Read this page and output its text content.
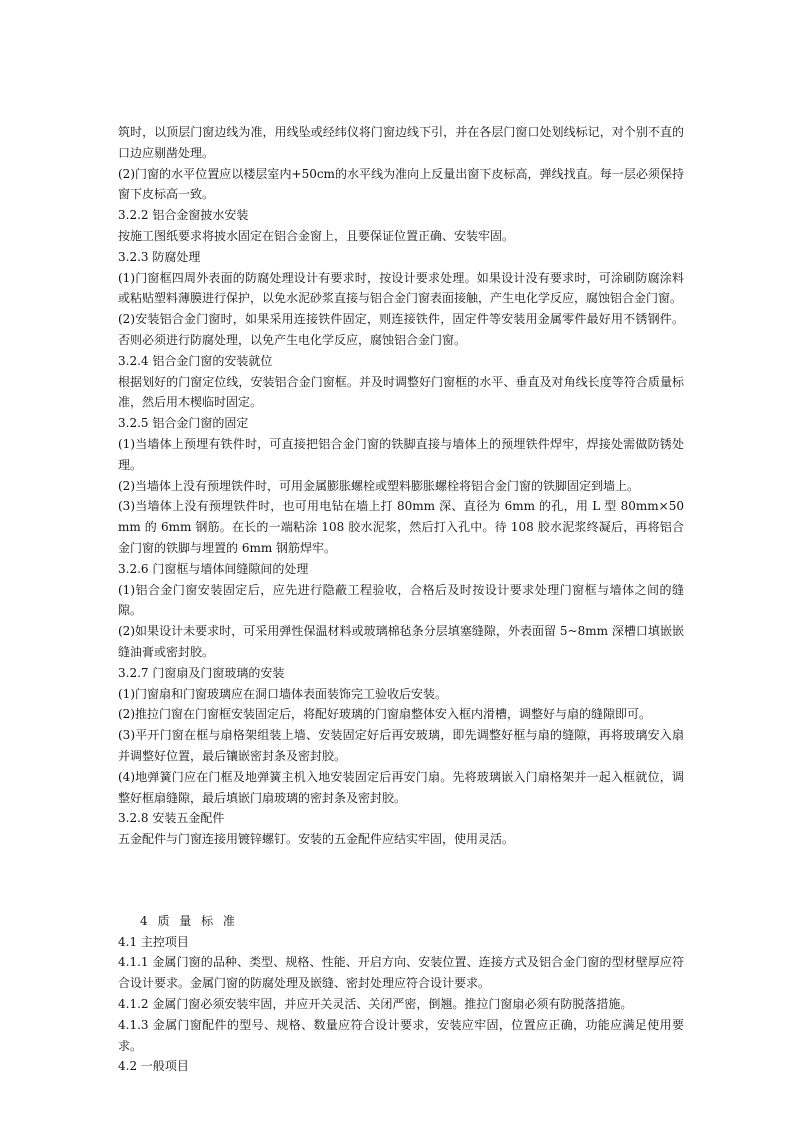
筑时，以顶层门窗边线为准，用线坠或经纬仪将门窗边线下引，并在各层门窗口处划线标记，对个别不直的口边应剔凿处理。
(2)门窗的水平位置应以楼层室内+50cm的水平线为准向上反量出窗下皮标高，弹线找直。每一层必须保持窗下皮标高一致。
3.2.2 铝合金窗披水安装
按施工图纸要求将披水固定在铝合金窗上，且要保证位置正确、安装牢固。
3.2.3 防腐处理
(1)门窗框四周外表面的防腐处理设计有要求时，按设计要求处理。如果设计没有要求时，可涂刷防腐涂料或粘贴塑料薄膜进行保护，以免水泥砂浆直接与铝合金门窗表面接触，产生电化学反应，腐蚀铝合金门窗。
(2)安装铝合金门窗时，如果采用连接铁件固定，则连接铁件，固定件等安装用金属零件最好用不锈钢件。否则必须进行防腐处理，以免产生电化学反应，腐蚀铝合金门窗。
3.2.4 铝合金门窗的安装就位
根据划好的门窗定位线，安装铝合金门窗框。并及时调整好门窗框的水平、垂直及对角线长度等符合质量标准，然后用木楔临时固定。
3.2.5 铝合金门窗的固定
(1)当墙体上预埋有铁件时，可直接把铝合金门窗的铁脚直接与墙体上的预埋铁件焊牢，焊接处需做防锈处理。
(2)当墙体上没有预埋铁件时，可用金属膨胀螺栓或塑料膨胀螺栓将铝合金门窗的铁脚固定到墙上。
(3)当墙体上没有预埋铁件时，也可用电钻在墙上打 80mm 深、直径为 6mm 的孔，用 L 型 80mm×50mm 的 6mm 钢筋。在长的一端粘涂 108 胶水泥浆，然后打入孔中。待 108 胶水泥浆终凝后，再将铝合金门窗的铁脚与埋置的 6mm 钢筋焊牢。
3.2.6 门窗框与墙体间缝隙间的处理
(1)铝合金门窗安装固定后，应先进行隐蔽工程验收，合格后及时按设计要求处理门窗框与墙体之间的缝隙。
(2)如果设计未要求时，可采用弹性保温材料或玻璃棉毡条分层填塞缝隙，外表面留 5~8mm 深槽口填嵌嵌缝油膏或密封胶。
3.2.7 门窗扇及门窗玻璃的安装
(1)门窗扇和门窗玻璃应在洞口墙体表面装饰完工验收后安装。
(2)推拉门窗在门窗框安装固定后，将配好玻璃的门窗扇整体安入框内滑槽，调整好与扇的缝隙即可。
(3)平开门窗在框与扇格架组装上墙、安装固定好后再安玻璃，即先调整好框与扇的缝隙，再将玻璃安入扇并调整好位置，最后镶嵌密封条及密封胶。
(4)地弹簧门应在门框及地弹簧主机入地安装固定后再安门扇。先将玻璃嵌入门扇格架并一起入框就位，调整好框扇缝隙，最后填嵌门扇玻璃的密封条及密封胶。
3.2.8 安装五金配件
五金配件与门窗连接用镀锌螺钉。安装的五金配件应结实牢固，使用灵活。
4 质 量 标 准
4.1 主控项目
4.1.1 金属门窗的品种、类型、规格、性能、开启方向、安装位置、连接方式及铝合金门窗的型材壁厚应符合设计要求。金属门窗的防腐处理及嵌缝、密封处理应符合设计要求。
4.1.2 金属门窗必须安装牢固，并应开关灵活、关闭严密，倒翘。推拉门窗扇必须有防脱落措施。
4.1.3 金属门窗配件的型号、规格、数量应符合设计要求，安装应牢固，位置应正确，功能应满足使用要求。
4.2 一般项目
